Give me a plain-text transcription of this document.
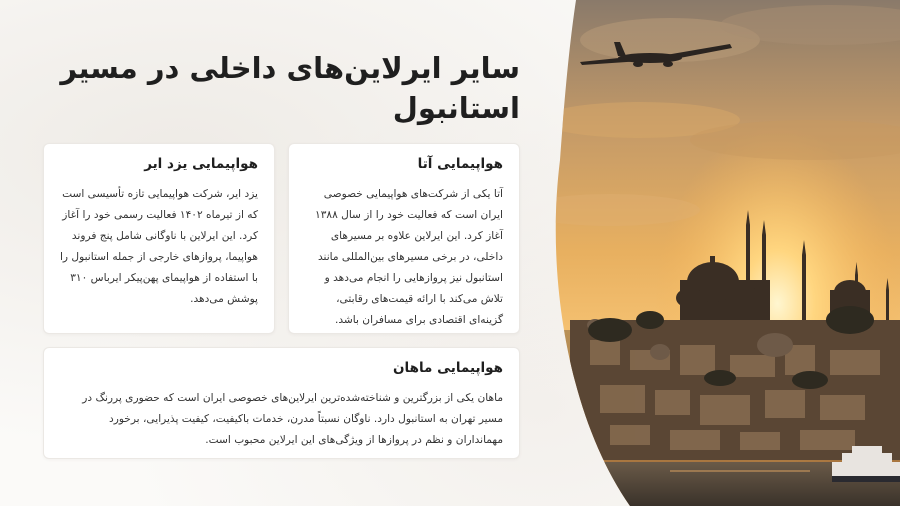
سایر ایرلاین‌های داخلی در مسیر استانبول
هواپیمایی آتا

آتا یکی از شرکت‌های هواپیمایی خصوصی ایران است که فعالیت خود را از سال ۱۳۸۸ آغاز کرد. این ایرلاین علاوه بر مسیرهای داخلی، در برخی مسیرهای بین‌المللی مانند استانبول نیز پروازهایی را انجام می‌دهد و تلاش می‌کند با ارائه قیمت‌های رقابتی، گزینه‌ای اقتصادی برای مسافران باشد.

هواپیمایی یزد ایر

یزد ایر، شرکت هواپیمایی تازه تأسیسی است که از تیرماه ۱۴۰۲ فعالیت رسمی خود را آغاز کرد. این ایرلاین با ناوگانی شامل پنج فروند هواپیما، پروازهای خارجی از جمله استانبول را با استفاده از هواپیمای پهن‌پیکر ایرباس ۳۱۰ پوشش می‌دهد.

هواپیمایی ماهان

ماهان یکی از بزرگترین و شناخته‌شده‌ترین ایرلاین‌های خصوصی ایران است که حضوری پررنگ در مسیر تهران به استانبول دارد. ناوگان نسبتاً مدرن، خدمات باکیفیت، کیفیت پذیرایی، برخورد مهمانداران و نظم در پروازها از ویژگی‌های این ایرلاین محبوب است.
